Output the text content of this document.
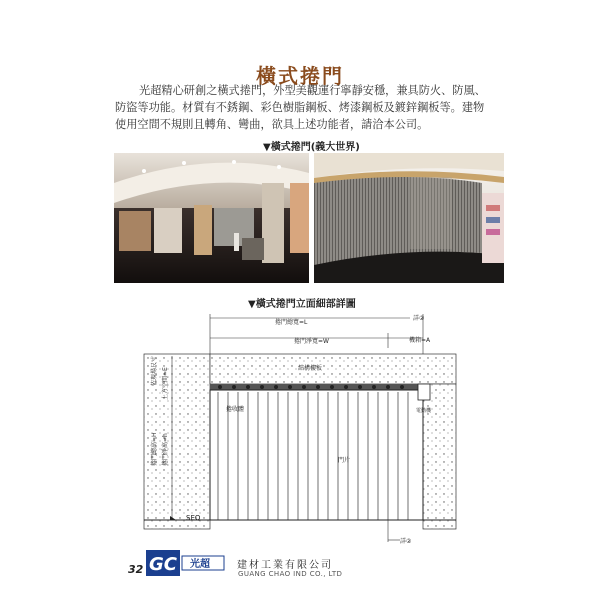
橫式捲門

光超精心研創之橫式捲門，外型美觀運行寧靜安穩，兼具防火、防風、防盜等功能。材質有不銹鋼、彩色樹脂鋼板、烤漆鋼板及鍍鋅鋼板等。建物使用空間不規則且轉角、彎曲，欲具上述功能者，請洽本公司。

▼橫式捲門(義大世界)
▼橫式捲門立面細部詳圖
捲門總寬=L
捲門淨寬=W	機箱=A
詳②
結構樓板
依現場尺寸 上方空間=E
捲門總高=H 捲門淨高=h
電動機
捲收體
門片
SEQ
詳②
32 GC 光超	建材工業有限公司
GUANG CHAO IND CO., LTD
